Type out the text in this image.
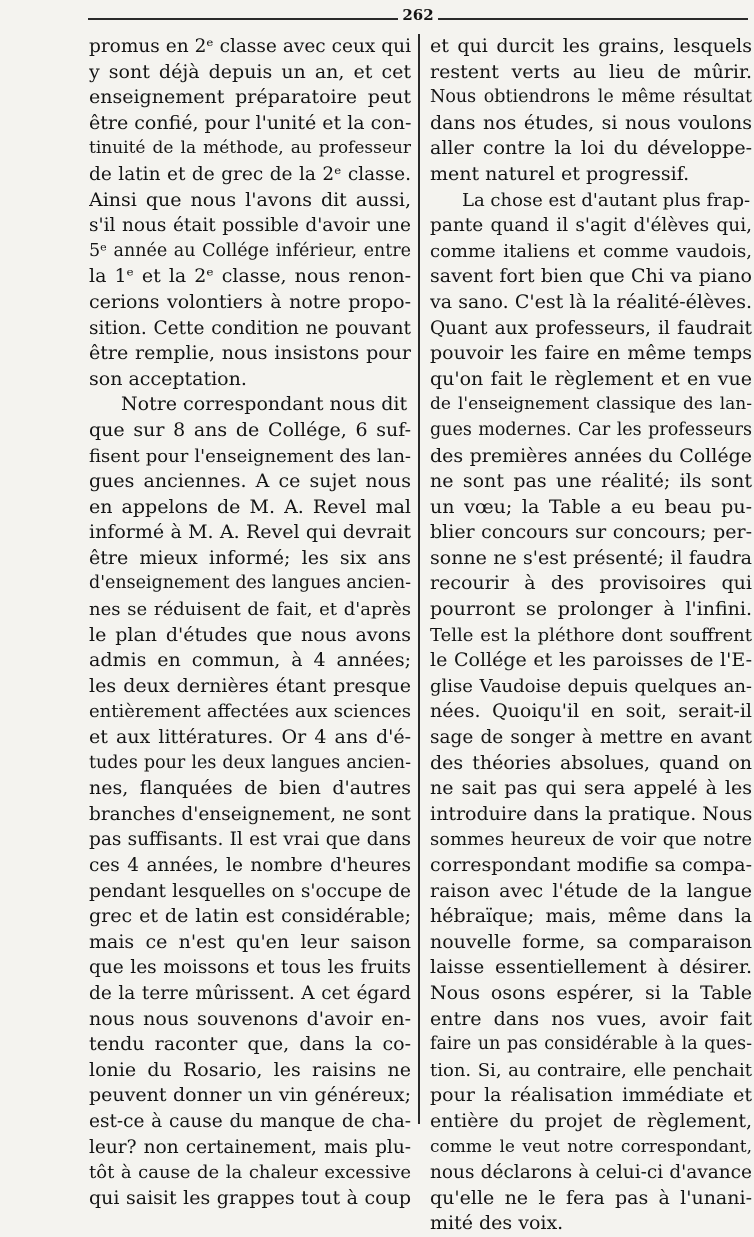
262
promus en 2ᵉ classe avec ceux qui
y sont déjà depuis un an, et cet
enseignement préparatoire peut
être confié, pour l'unité et la con-
tinuité de la méthode, au professeur
de latin et de grec de la 2ᵉ classe.
Ainsi que nous l'avons dit aussi,
s'il nous était possible d'avoir une
5ᵉ année au Collége inférieur, entre
la 1ᵉ et la 2ᵉ classe, nous renon-
cerions volontiers à notre propo-
sition. Cette condition ne pouvant
être remplie, nous insistons pour
son acceptation.
Notre correspondant nous dit
que sur 8 ans de Collége, 6 suf-
fisent pour l'enseignement des lan-
gues anciennes. A ce sujet nous
en appelons de M. A. Revel mal
informé à M. A. Revel qui devrait
être mieux informé; les six ans
d'enseignement des langues ancien-
nes se réduisent de fait, et d'après
le plan d'études que nous avons
admis en commun, à 4 années;
les deux dernières étant presque
entièrement affectées aux sciences
et aux littératures. Or 4 ans d'é-
tudes pour les deux langues ancien-
nes, flanquées de bien d'autres
branches d'enseignement, ne sont
pas suffisants. Il est vrai que dans
ces 4 années, le nombre d'heures
pendant lesquelles on s'occupe de
grec et de latin est considérable;
mais ce n'est qu'en leur saison
que les moissons et tous les fruits
de la terre mûrissent. A cet égard
nous nous souvenons d'avoir en-
tendu raconter que, dans la co-
lonie du Rosario, les raisins ne
peuvent donner un vin généreux;
est-ce à cause du manque de cha-
leur? non certainement, mais plu-
tôt à cause de la chaleur excessive
qui saisit les grappes tout à coup
et qui durcit les grains, lesquels
restent verts au lieu de mûrir.
Nous obtiendrons le même résultat
dans nos études, si nous voulons
aller contre la loi du développe-
ment naturel et progressif.
La chose est d'autant plus frap-
pante quand il s'agit d'élèves qui,
comme italiens et comme vaudois,
savent fort bien que Chi va piano
va sano. C'est là la réalité-élèves.
Quant aux professeurs, il faudrait
pouvoir les faire en même temps
qu'on fait le règlement et en vue
de l'enseignement classique des lan-
gues modernes. Car les professeurs
des premières années du Collége
ne sont pas une réalité; ils sont
un vœu; la Table a eu beau pu-
blier concours sur concours; per-
sonne ne s'est présenté; il faudra
recourir à des provisoires qui
pourront se prolonger à l'infini.
Telle est la pléthore dont souffrent
le Collége et les paroisses de l'E-
glise Vaudoise depuis quelques an-
nées. Quoiqu'il en soit, serait-il
sage de songer à mettre en avant
des théories absolues, quand on
ne sait pas qui sera appelé à les
introduire dans la pratique. Nous
sommes heureux de voir que notre
correspondant modifie sa compa-
raison avec l'étude de la langue
hébraïque; mais, même dans la
nouvelle forme, sa comparaison
laisse essentiellement à désirer.
Nous osons espérer, si la Table
entre dans nos vues, avoir fait
faire un pas considérable à la ques-
tion. Si, au contraire, elle penchait
pour la réalisation immédiate et
entière du projet de règlement,
comme le veut notre correspondant,
nous déclarons à celui-ci d'avance
qu'elle ne le fera pas à l'unani-
mité des voix.
